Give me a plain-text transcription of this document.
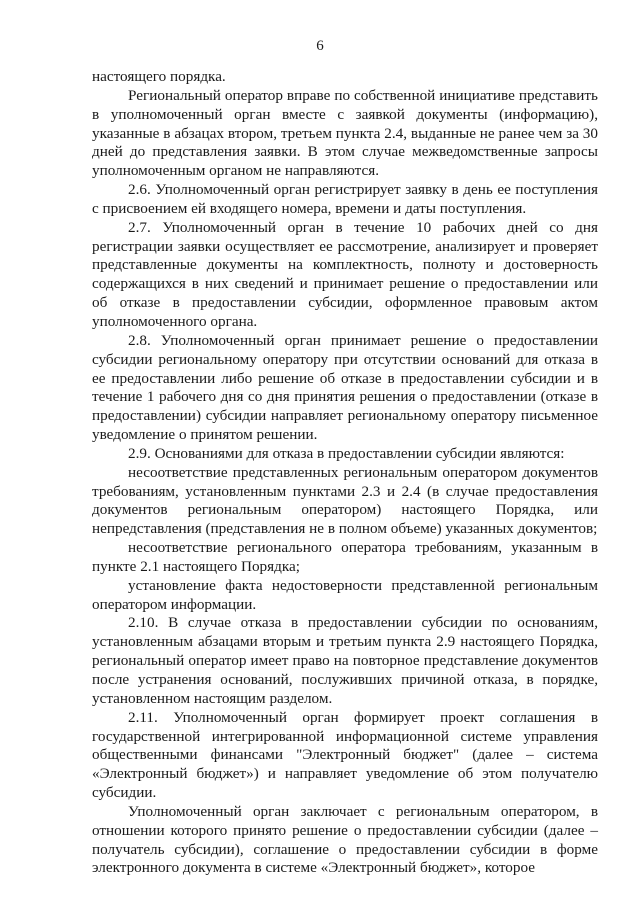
6

настоящего порядка.

Региональный оператор вправе по собственной инициативе представить в уполномоченный орган вместе с заявкой документы (информацию), указанные в абзацах втором, третьем пункта 2.4, выданные не ранее чем за 30 дней до представления заявки. В этом случае межведомственные запросы уполномоченным органом не направляются.

2.6. Уполномоченный орган регистрирует заявку в день ее поступления с присвоением ей входящего номера, времени и даты поступления.

2.7. Уполномоченный орган в течение 10 рабочих дней со дня регистрации заявки осуществляет ее рассмотрение, анализирует и проверяет представленные документы на комплектность, полноту и достоверность содержащихся в них сведений и принимает решение о предоставлении или об отказе в предоставлении субсидии, оформленное правовым актом уполномоченного органа.

2.8. Уполномоченный орган принимает решение о предоставлении субсидии региональному оператору при отсутствии оснований для отказа в ее предоставлении либо решение об отказе в предоставлении субсидии и в течение 1 рабочего дня со дня принятия решения о предоставлении (отказе в предоставлении) субсидии направляет региональному оператору письменное уведомление о принятом решении.

2.9. Основаниями для отказа в предоставлении субсидии являются:

несоответствие представленных региональным оператором документов требованиям, установленным пунктами 2.3 и 2.4 (в случае предоставления документов региональным оператором) настоящего Порядка, или непредставления (представления не в полном объеме) указанных документов;

несоответствие регионального оператора требованиям, указанным в пункте 2.1 настоящего Порядка;

установление факта недостоверности представленной региональным оператором информации.

2.10. В случае отказа в предоставлении субсидии по основаниям, установленным абзацами вторым и третьим пункта 2.9 настоящего Порядка, региональный оператор имеет право на повторное представление документов после устранения оснований, послуживших причиной отказа, в порядке, установленном настоящим разделом.

2.11. Уполномоченный орган формирует проект соглашения в государственной интегрированной информационной системе управления общественными финансами "Электронный бюджет" (далее – система «Электронный бюджет») и направляет уведомление об этом получателю субсидии.

Уполномоченный орган заключает с региональным оператором, в отношении которого принято решение о предоставлении субсидии (далее – получатель субсидии), соглашение о предоставлении субсидии в форме электронного документа в системе «Электронный бюджет», которое
